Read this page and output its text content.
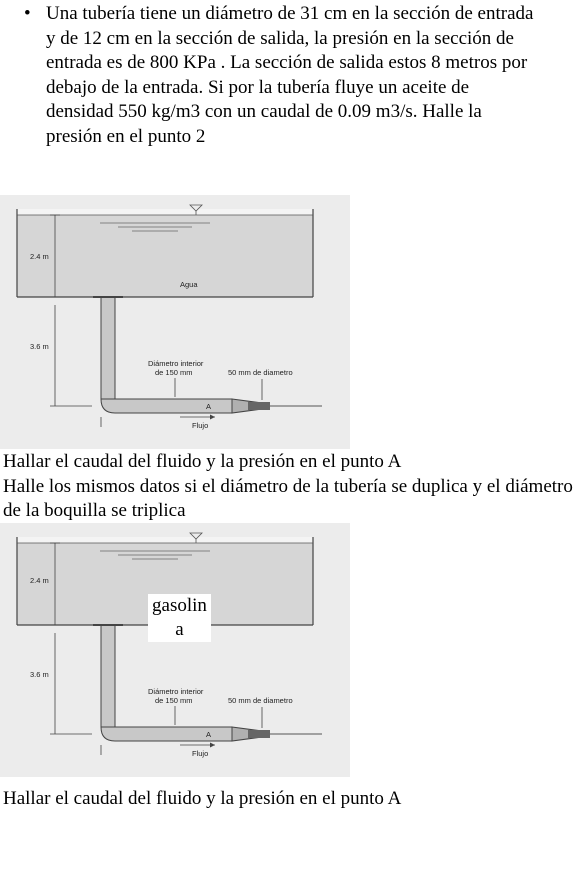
• Una tubería tiene un diámetro de 31 cm en la sección de entrada y de 12 cm en la sección de salida, la presión en la sección de entrada es de 800 KPa . La sección de salida estos 8 metros por debajo de la entrada. Si por la tubería fluye un aceite de densidad 550 kg/m3 con un caudal de 0.09 m3/s. Halle la presión en el punto 2
2.4 m
Agua
3.6 m
Diámetro interior
de 150 mm	50 mm de diametro
A
Flujo
Hallar el caudal del fluido y la presión en el punto A
Halle los mismos datos si el diámetro de la tubería se duplica y el diámetro de la boquilla se triplica
2.4 m
3.6 m
Diámetro interior
de 150 mm	50 mm de diametro
A
Flujo
gasolin
a
Hallar el caudal del fluido y la presión en el punto A
